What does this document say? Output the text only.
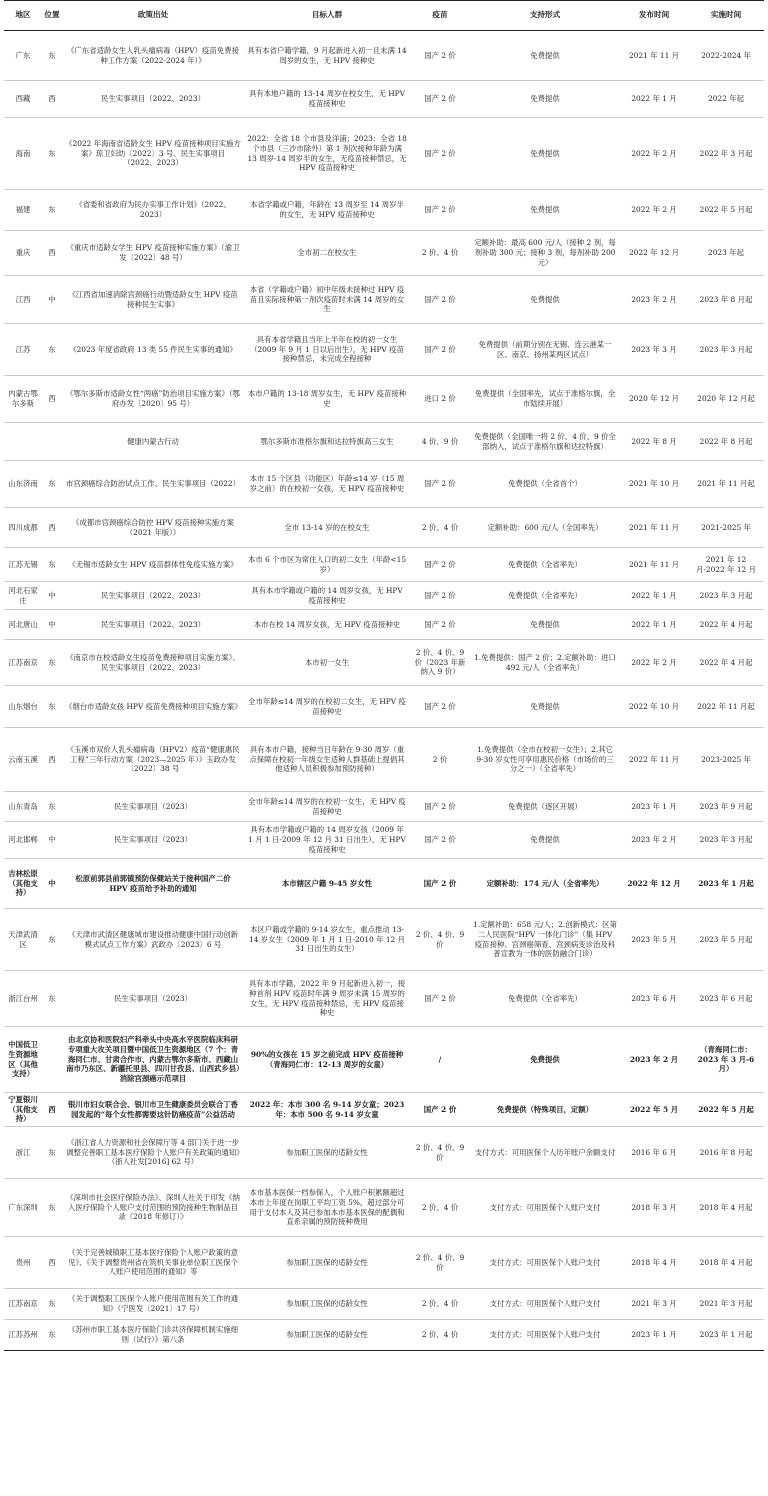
地区	位置	政策出处	目标人群	疫苗	支持形式	发布时间	实施时间
广东	东	《广东省适龄女生人乳头瘤病毒（HPV）疫苗免费接种工作方案（2022-2024 年）》	具有本省户籍学籍，9 月起新进入初一且未满 14 周岁的女生，无 HPV 接种史	国产 2 价	免费提供	2021 年 11 月	2022-2024 年
西藏	西	民生实事项目（2022、2023）	具有本地户籍的 13-14 周岁在校女生，无 HPV 疫苗接种史	国产 2 价	免费提供	2022 年 1 月	2022 年起
海南	东	《2022 年海南省适龄女生 HPV 疫苗接种项目实施方案》琼卫妇幼〔2022〕3 号、民生实事项目（2022、2023）	2022：全省 18 个市县及洋浦；2023：全省 18 个市县（三沙市除外）第 1 剂次接种年龄为满 13 周岁-14 周岁半的女生，无疫苗接种禁忌，无 HPV 疫苗接种史	国产 2 价	免费提供	2022 年 2 月	2022 年 3 月起
福建	东	《省委和省政府为民办实事工作计划》（2022、2023）	本省学籍或户籍，年龄在 13 周岁至 14 周岁半的女生，无 HPV 疫苗接种史	国产 2 价	免费提供	2022 年 2 月	2022 年 5 月起
重庆	西	《重庆市适龄女学生 HPV 疫苗接种实施方案》（渝卫发〔2022〕48 号）	全市初二在校女生	2 价、4 价	定额补助：最高 600 元/人（接种 2 剂，每剂补助 300 元；接种 3 剂，每剂补助 200 元）	2022 年 12 月	2023 年起
江西	中	《江西省加速消除宫颈癌行动暨适龄女生 HPV 疫苗接种民生实事》	本省（学籍或户籍）初中年级未接种过 HPV 疫苗且实际接种第一剂次疫苗时未满 14 周岁的女生	国产 2 价	免费提供	2023 年 2 月	2023 年 8 月起
江苏	东	《2023 年度省政府 13 类 55 件民生实事的通知》	具有本省学籍且当年上半年在校的初一女生（2009 年 9 月 1 日以后出生），无 HPV 疫苗接种禁忌，未完成全程接种	国产 2 价	免费提供（前期分别在无锡、连云港某一区、南京、扬州某两区试点）	2023 年 3 月	2023 年 3 月起
内蒙古鄂尔多斯	西	《鄂尔多斯市适龄女性“两癌”防治项目实施方案》（鄂府办发〔2020〕95 号）	本市户籍的 13-18 周岁女生，无 HPV 疫苗接种史	进口 2 价	免费提供（全国率先，试点于准格尔旗，全市陆续开展）	2020 年 12 月	2020 年 12 月起
		健康内蒙古行动	鄂尔多斯市准格尔旗和达拉特旗高三女生	4 价、9 价	免费提供（全国唯一将 2 价、4 价、9 价全部纳入，试点于准格尔旗和达拉特旗）	2022 年 8 月	2022 年 8 月起
山东济南	东	市宫颈癌综合防治试点工作、民生实事项目（2022）	本市 15 个区县（功能区）年龄≤14 岁（15 周岁之前）的在校初一女孩，无 HPV 疫苗接种史	国产 2 价	免费提供（全省首个）	2021 年 10 月	2021 年 11 月起
四川成都	西	《成都市宫颈癌综合防控 HPV 疫苗接种实施方案（2021 年版）》	全市 13-14 岁的在校女生	2 价、4 价	定额补助：600 元/人（全国率先）	2021 年 11 月	2021-2025 年
江苏无锡	东	《无锡市适龄女生 HPV 疫苗群体性免疫实施方案》	本市 6 个市区为常住人口的初二女生（年龄<15 岁）	国产 2 价	免费提供（全省率先）	2021 年 11 月	2021 年 12 月-2022 年 12 月
河北石家庄	中	民生实事项目（2022、2023）	具有本市学籍或户籍的 14 周岁女孩，无 HPV 疫苗接种史	国产 2 价	免费提供（全省率先）	2022 年 1 月	2023 年 3 月起
河北唐山	中	民生实事项目（2022、2023）	本市在校 14 周岁女孩，无 HPV 疫苗接种史	国产 2 价	免费提供	2022 年 1 月	2022 年 4 月起
江苏南京	东	《南京市在校适龄女生疫苗免费接种项目实施方案》、民生实事项目（2022、2023）	本市初一女生	2 价、4 价、9 价（2023 年新纳入 9 价）	1.免费提供：国产 2 价；2.定额补助：进口 492 元/人（全省率先）	2022 年 2 月	2022 年 4 月起
山东烟台	东	《烟台市适龄女孩 HPV 疫苗免费接种项目实施方案》	全市年龄≤14 周岁的在校初二女生，无 HPV 疫苗接种史	国产 2 价	免费提供	2022 年 10 月	2022 年 11 月起
云南玉溪	西	《玉溪市双价人乳头瘤病毒（HPV2）疫苗“健康惠民工程”三年行动方案（2023—2025 年）》玉政办发〔2022〕38 号	具有本市户籍，接种当日年龄在 9-30 周岁（重点保障在校初一年级女生适种人群基础上提倡其他适种人员积极参加预防接种）	2 价	1.免费提供（全市在校初一女生）；2.其它 9-30 岁女性可享用惠民价格（市场价的三分之一）（全省率先）	2022 年 11 月	2023-2025 年
山东青岛	东	民生实事项目（2023）	全市年龄≤14 周岁的在校初一女生，无 HPV 疫苗接种史	国产 2 价	免费提供（逐区开展）	2023 年 1 月	2023 年 9 月起
河北邯郸	中	民生实事项目（2023）	具有本市学籍或户籍的 14 周岁女孩（2009 年 1 月 1 日-2009 年 12 月 31 日出生），无 HPV 疫苗接种史	国产 2 价	免费提供	2023 年 2 月	2023 年 3 月起
吉林松原（其他支持）	中	松原前郭县前郭镇预防保健站关于接种国产二价 HPV 疫苗给予补助的通知	本市辖区户籍 9-45 岁女性	国产 2 价	定额补助：174 元/人（全省率先）	2022 年 12 月	2023 年 1 月起
天津武清区	东	《天津市武清区健康城市建设推动健康中国行动创新模式试点工作方案》武政办〔2023〕6 号	本区户籍或学籍的 9-14 岁女生，重点推动 13-14 岁女生（2009 年 1 月 1 日-2010 年 12 月 31 日出生的女生）	2 价、4 价、9 价	1.定额补助：658 元/人；2.创新模式：区第二人民医院“HPV 一体化门诊”（集 HPV 疫苗接种、宫颈癌筛查、宫颈病变诊治及科普宣教为一体的医防融合门诊）	2023 年 5 月	2023 年 5 月起
浙江台州	东	民生实事项目（2023）	具有本市学籍，2022 年 9 月起新进入初一，接种首剂 HPV 疫苗时年满 9 周岁未满 15 周岁的女生，无 HPV 疫苗接种禁忌，无 HPV 疫苗接种史	国产 2 价	免费提供（全省率先）	2023 年 6 月	2023 年 6 月起
中国低卫生资源地区（其他支持）		由北京协和医院妇产科牵头中央高水平医院临床科研专项重大攻关项目暨中国低卫生资源地区（7 个：青海同仁市、甘肃合作市、内蒙古鄂尔多斯市、西藏山南市乃东区、新疆托里县、四川甘孜县、山西武乡县）消除宫颈癌示范项目	90%的女孩在 15 岁之前完成 HPV 疫苗接种（青海同仁市：12-13 周岁的女童）	/	免费提供	2023 年 2 月	（青海同仁市：2023 年 3 月-6 月）
宁夏银川（其他支持）	西	银川市妇女联合会、银川市卫生健康委员会联合丁香园发起的“每个女性都需要这针防癌疫苗”公益活动	2022 年：本市 300 名 9-14 岁女童；2023 年：本市 500 名 9-14 岁女童	国产 2 价	免费提供（特殊项目，定额）	2022 年 5 月	2022 年 5 月起
浙江	东	《浙江省人力资源和社会保障厅等 4 部门关于进一步调整完善职工基本医疗保险个人账户有关政策的通知》（浙人社发[2016] 62 号）	参加职工医保的适龄女性	2 价、4 价、9 价	支付方式：可用医保个人历年账户余额支付	2016 年 6 月	2016 年 8 月起
广东深圳	东	《深圳市社会医疗保险办法》、深圳人社关于印发《纳入医疗保险个人账户支付范围的预防接种生物制品目录（2018 年修订）》	本市基本医保一档参保人，个人账户积累额超过本市上年度在岗职工平均工资 5%，超过部分可用于支付本人及其已参加本市基本医保的配偶和直系亲属的预防接种费用	2 价、4 价	支付方式：可用医保个人账户支付	2018 年 3 月	2018 年 4 月起
贵州	西	《关于完善城镇职工基本医疗保险个人账户政策的意见》、《关于调整贵州省在筑机关事业单位职工医保个人账户使用范围的通知》等	参加职工医保的适龄女性	2 价、4 价、9 价	支付方式：可用医保个人账户支付	2018 年 4 月	2018 年 4 月起
江苏南京	东	《关于调整职工医保个人账户使用范围有关工作的通知》（宁医发〔2021〕17 号）	参加职工医保的适龄女性	2 价、4 价	支付方式：可用医保个人账户支付	2021 年 3 月	2021 年 3 月起
江苏苏州	东	《苏州市职工基本医疗保险门诊共济保障机制实施细则（试行）》第八条	参加职工医保的适龄女性	2 价、4 价	支付方式：可用医保个人账户支付	2023 年 1 月	2023 年 1 月起
